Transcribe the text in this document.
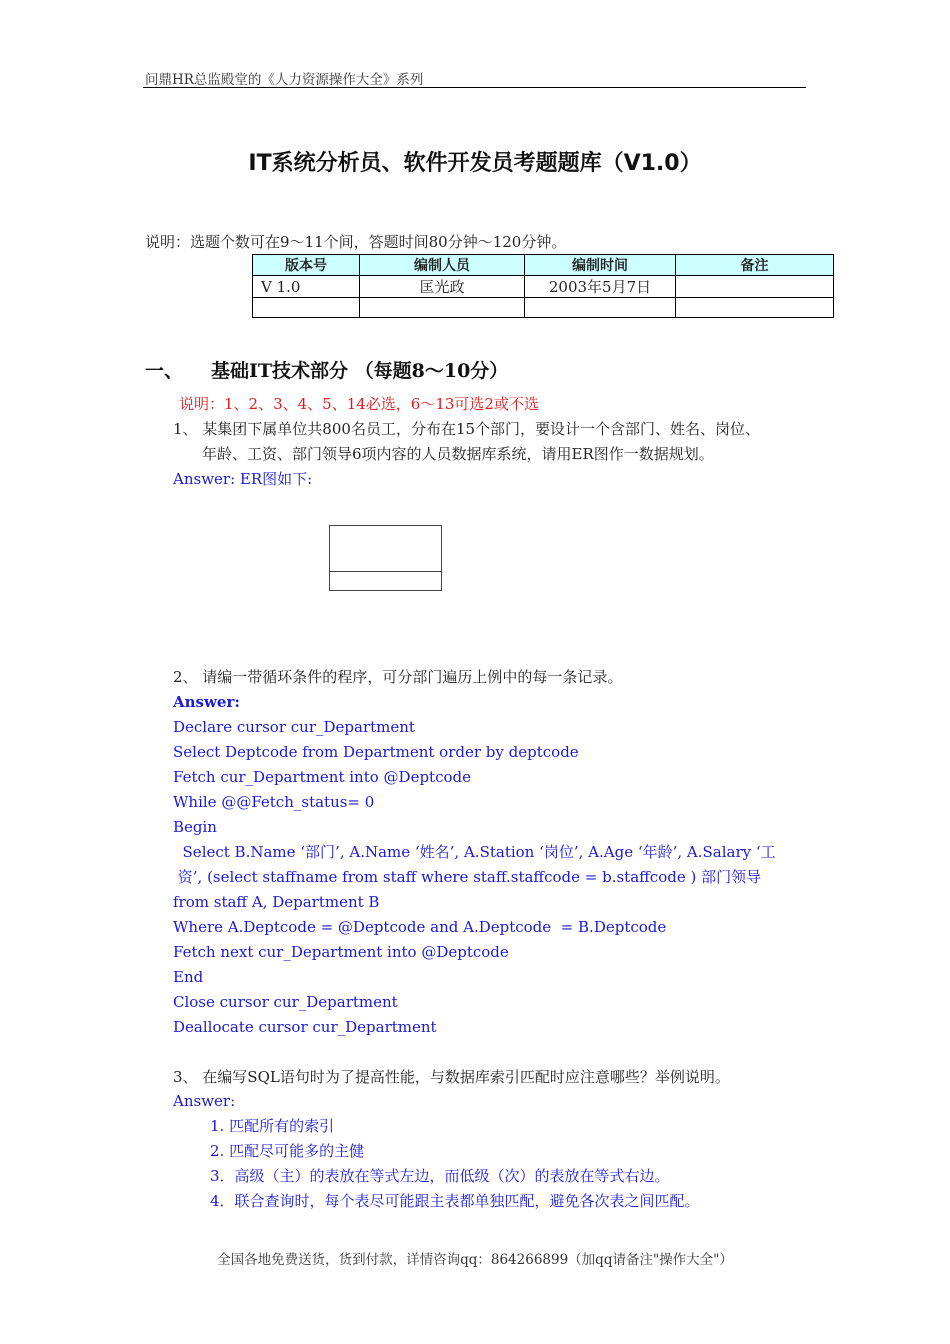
问鼎HR总监殿堂的《人力资源操作大全》系列
IT系统分析员、软件开发员考题题库（V1.0）
说明：选题个数可在9～11个间，答题时间80分钟～120分钟。
版本号	编制人员	编制时间	备注
V 1.0	匡光政	2003年5月7日	

一、 基础IT技术部分 （每题8～10分）
说明：1、2、3、4、5、14必选，6～13可选2或不选
1、 某集团下属单位共800名员工，分布在15个部门，要设计一个含部门、姓名、岗位、
年龄、工资、部门领导6项内容的人员数据库系统，请用ER图作一数据规划。
Answer: ER图如下:
2、 请编一带循环条件的程序，可分部门遍历上例中的每一条记录。
Answer:
Declare cursor cur_Department
Select Deptcode from Department order by deptcode
Fetch cur_Department into @Deptcode
While @@Fetch_status= 0
Begin
Select B.Name ‘部门’, A.Name ‘姓名’, A.Station ‘岗位’, A.Age ‘年龄’, A.Salary ‘工
资’, (select staffname from staff where staff.staffcode = b.staffcode ) 部门领导
from staff A, Department B
Where A.Deptcode = @Deptcode and A.Deptcode  = B.Deptcode
Fetch next cur_Department into @Deptcode
End
Close cursor cur_Department
Deallocate cursor cur_Department
3、 在编写SQL语句时为了提高性能，与数据库索引匹配时应注意哪些？举例说明。
Answer:
1. 匹配所有的索引
2. 匹配尽可能多的主健
3．高级（主）的表放在等式左边，而低级（次）的表放在等式右边。
4．联合查询时，每个表尽可能跟主表都单独匹配，避免各次表之间匹配。
全国各地免费送货，货到付款，详情咨询qq：864266899（加qq请备注"操作大全"）
